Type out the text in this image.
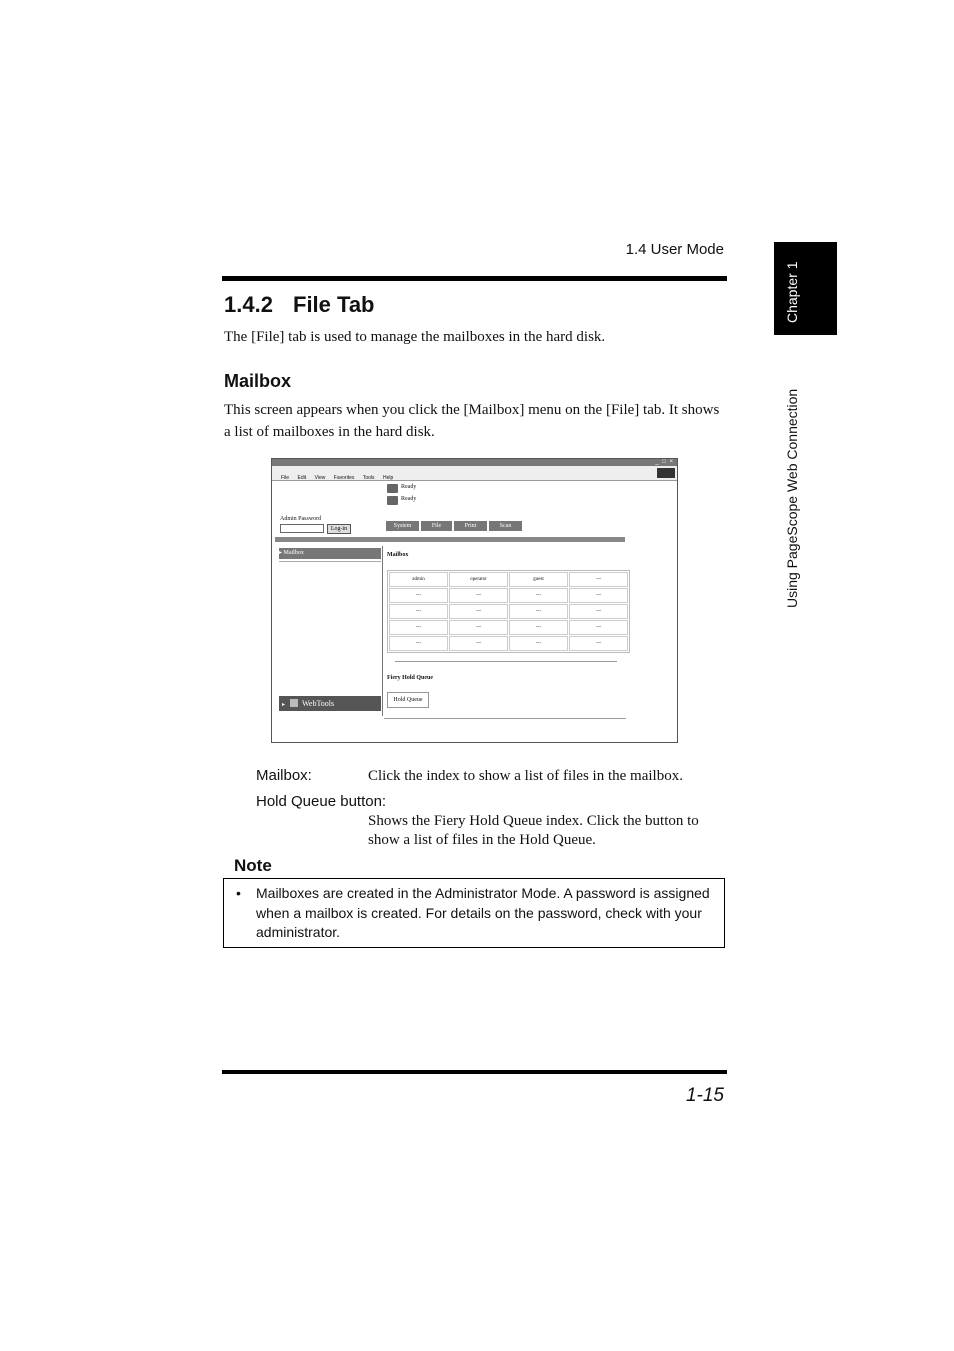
1.4 User Mode
Chapter 1
Using PageScope Web Connection
1.4.2 File Tab
The [File] tab is used to manage the mailboxes in the hard disk.
Mailbox
This screen appears when you click the [Mailbox] menu on the [File] tab. It shows a list of mailboxes in the hard disk.
_ □ ×
File Edit View Favorites Tools Help
Ready
Ready
Admin Password
Log-in	System	File	Print	Scan
▸ Mailbox
▸ WebTools
Mailbox
admin	operator	guest	---
---	---	---	---
---	---	---	---
---	---	---	---
---	---	---	---
Fiery Hold Queue
Hold Queue
Mailbox:	Click the index to show a list of files in the mailbox.
Hold Queue button:
Shows the Fiery Hold Queue index. Click the button to
show a list of files in the Hold Queue.
Note
• Mailboxes are created in the Administrator Mode. A password is assigned when a mailbox is created. For details on the password, check with your administrator.
1-15
